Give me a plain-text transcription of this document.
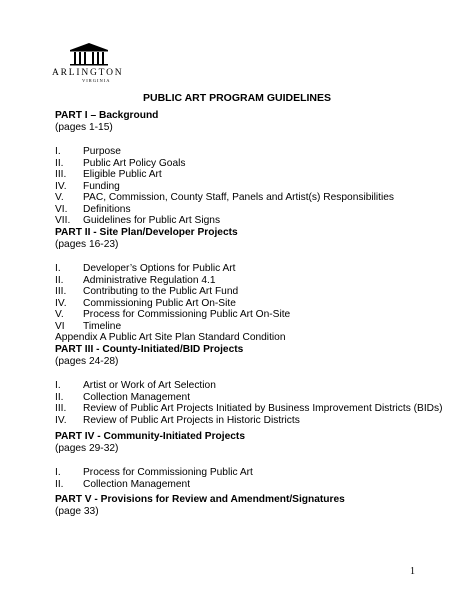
ARLINGTON
VIRGINIA
PUBLIC ART PROGRAM GUIDELINES
PART I – Background
(pages 1-15)
I.	Purpose
II.	Public Art Policy Goals
III.	Eligible Public Art
IV.	Funding
V.	PAC, Commission, County Staff, Panels and Artist(s) Responsibilities
VI.	Definitions
VII.	Guidelines for Public Art Signs
PART II - Site Plan/Developer Projects
(pages 16-23)
I.	Developer’s Options for Public Art
II.	Administrative Regulation 4.1
III.	Contributing to the Public Art Fund
IV.	Commissioning Public Art On-Site
V.	Process for Commissioning Public Art On-Site
VI	Timeline
Appendix A Public Art Site Plan Standard Condition
PART III - County-Initiated/BID Projects
(pages 24-28)
I.	Artist or Work of Art Selection
II.	Collection Management
III.	Review of Public Art Projects Initiated by Business Improvement Districts (BIDs)
IV.	Review of Public Art Projects in Historic Districts
PART IV - Community-Initiated Projects
(pages 29-32)
I.	Process for Commissioning Public Art
II.	Collection Management
PART V - Provisions for Review and Amendment/Signatures
(page 33)
1
